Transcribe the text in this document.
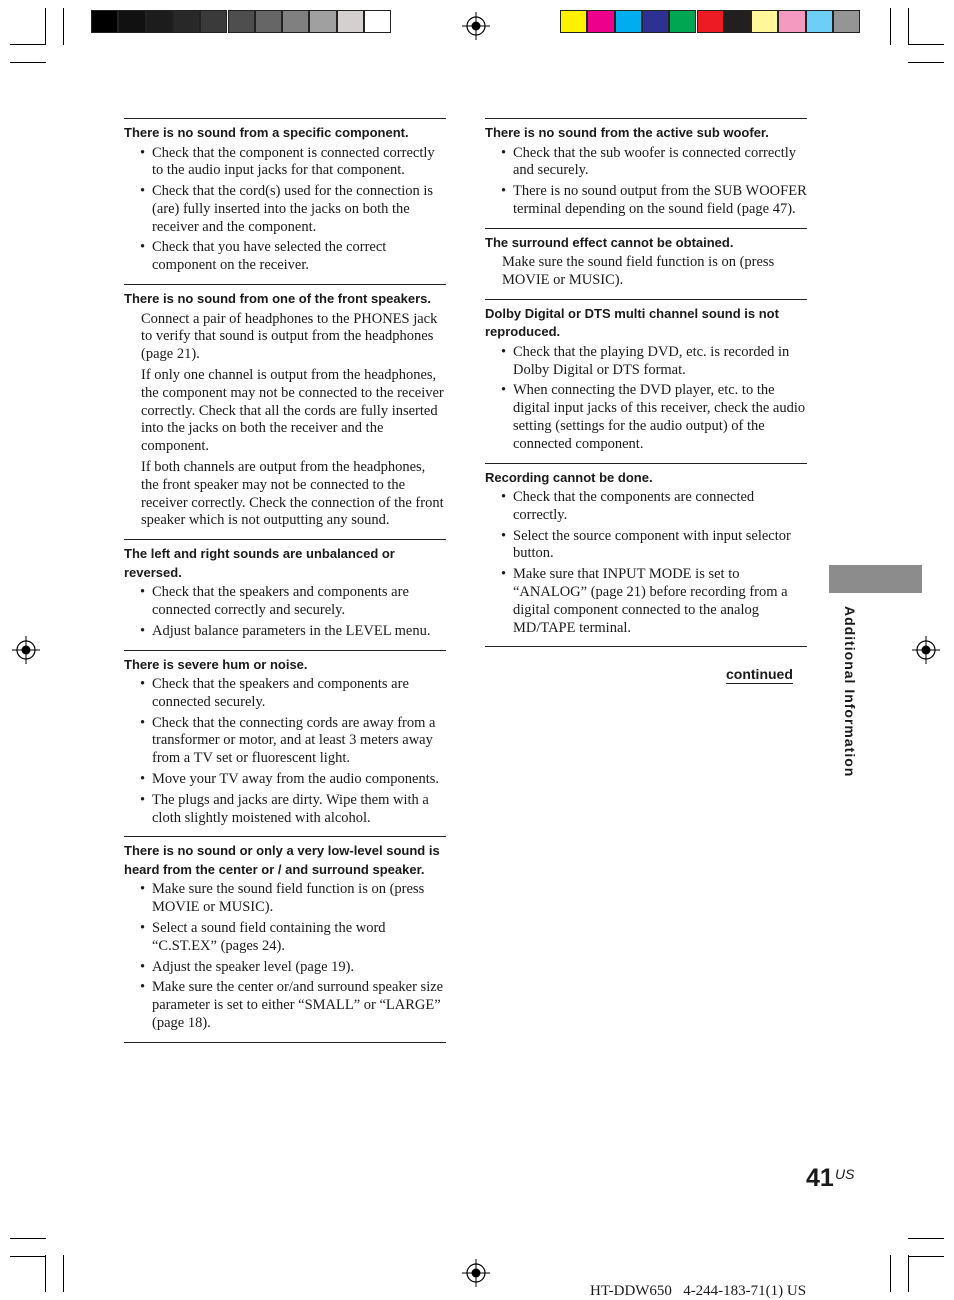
There is no sound from a specific component.

• Check that the component is connected correctly to the audio input jacks for that component.
• Check that the cord(s) used for the connection is (are) fully inserted into the jacks on both the receiver and the component.
• Check that you have selected the correct component on the receiver.

There is no sound from one of the front speakers.

Connect a pair of headphones to the PHONES jack to verify that sound is output from the headphones (page 21).

If only one channel is output from the headphones, the component may not be connected to the receiver correctly. Check that all the cords are fully inserted into the jacks on both the receiver and the component.

If both channels are output from the headphones, the front speaker may not be connected to the receiver correctly. Check the connection of the front speaker which is not outputting any sound.

The left and right sounds are unbalanced or reversed.

• Check that the speakers and components are connected correctly and securely.
• Adjust balance parameters in the LEVEL menu.

There is severe hum or noise.

• Check that the speakers and components are connected securely.
• Check that the connecting cords are away from a transformer or motor, and at least 3 meters away from a TV set or fluorescent light.
• Move your TV away from the audio components.
• The plugs and jacks are dirty. Wipe them with a cloth slightly moistened with alcohol.

There is no sound or only a very low-level sound is heard from the center or / and surround speaker.

• Make sure the sound field function is on (press MOVIE or MUSIC).
• Select a sound field containing the word “C.ST.EX” (pages 24).
• Adjust the speaker level (page 19).
• Make sure the center or/and surround speaker size parameter is set to either “SMALL” or “LARGE” (page 18).

There is no sound from the active sub woofer.

• Check that the sub woofer is connected correctly and securely.
• There is no sound output from the SUB WOOFER terminal depending on the sound field (page 47).

The surround effect cannot be obtained.

Make sure the sound field function is on (press MOVIE or MUSIC).

Dolby Digital or DTS multi channel sound is not reproduced.

• Check that the playing DVD, etc. is recorded in Dolby Digital or DTS format.
• When connecting the DVD player, etc. to the digital input jacks of this receiver, check the audio setting (settings for the audio output) of the connected component.

Recording cannot be done.

• Check that the components are connected correctly.
• Select the source component with input selector button.
• Make sure that INPUT MODE is set to “ANALOG” (page 21) before recording from a digital component connected to the analog MD/TAPE terminal.
continued	Additional Information
41 US
HT-DDW650 4-244-183-71(1) US
